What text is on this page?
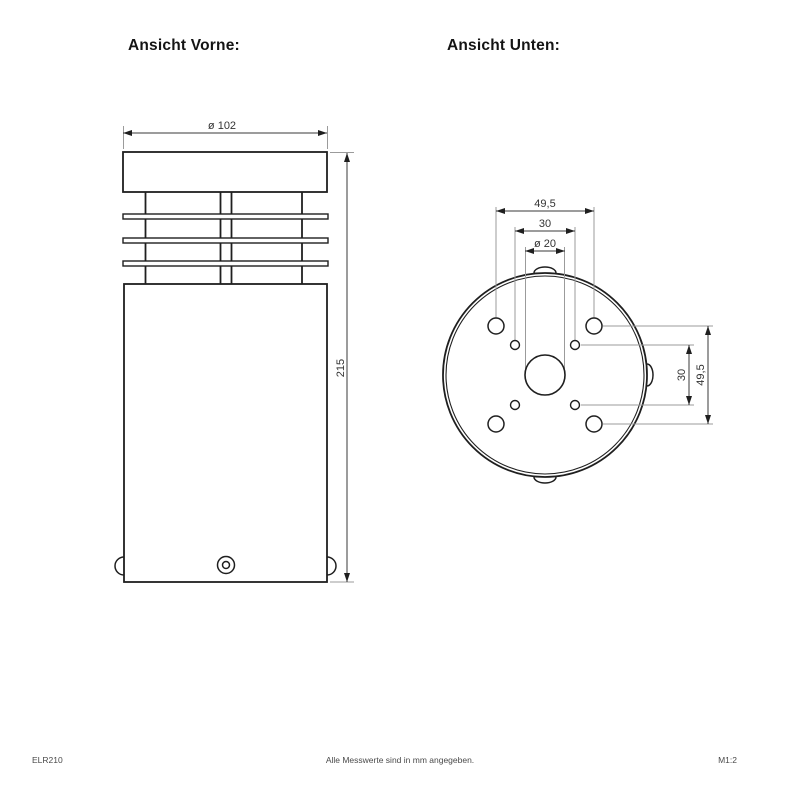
Ansicht Vorne:	Ansicht Unten:
ø 102
215
49,5
30
ø 20
49,5
30
ELR210	Alle Messwerte sind in mm angegeben.	M1:2
